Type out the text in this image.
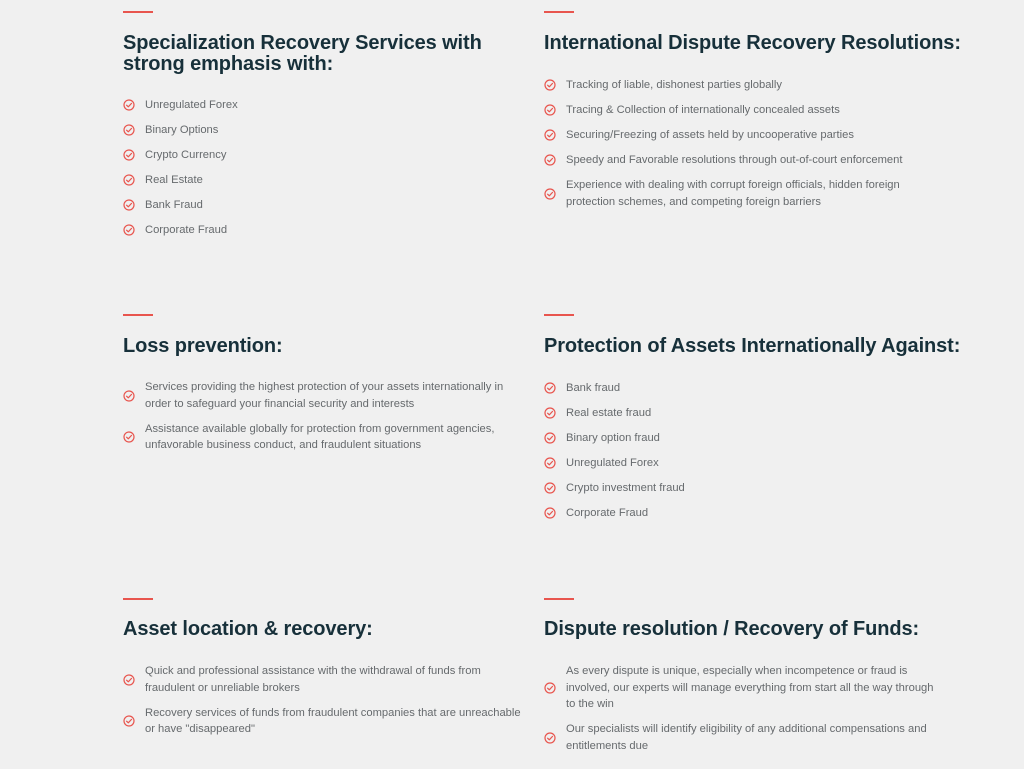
Specialization Recovery Services with strong emphasis with:
Unregulated Forex
Binary Options
Crypto Currency
Real Estate
Bank Fraud
Corporate Fraud
International Dispute Recovery Resolutions:
Tracking of liable, dishonest parties globally
Tracing & Collection of internationally concealed assets
Securing/Freezing of assets held by uncooperative parties
Speedy and Favorable resolutions through out-of-court enforcement
Experience with dealing with corrupt foreign officials, hidden foreign protection schemes, and competing foreign barriers
Loss prevention:
Services providing the highest protection of your assets internationally in order to safeguard your financial security and interests
Assistance available globally for protection from government agencies, unfavorable business conduct, and fraudulent situations
Protection of Assets Internationally Against:
Bank fraud
Real estate fraud
Binary option fraud
Unregulated Forex
Crypto investment fraud
Corporate Fraud
Asset location & recovery:
Quick and professional assistance with the withdrawal of funds from fraudulent or unreliable brokers
Recovery services of funds from fraudulent companies that are unreachable or have "disappeared"
Dispute resolution / Recovery of Funds:
As every dispute is unique, especially when incompetence or fraud is involved, our experts will manage everything from start all the way through to the win
Our specialists will identify eligibility of any additional compensations and entitlements due
